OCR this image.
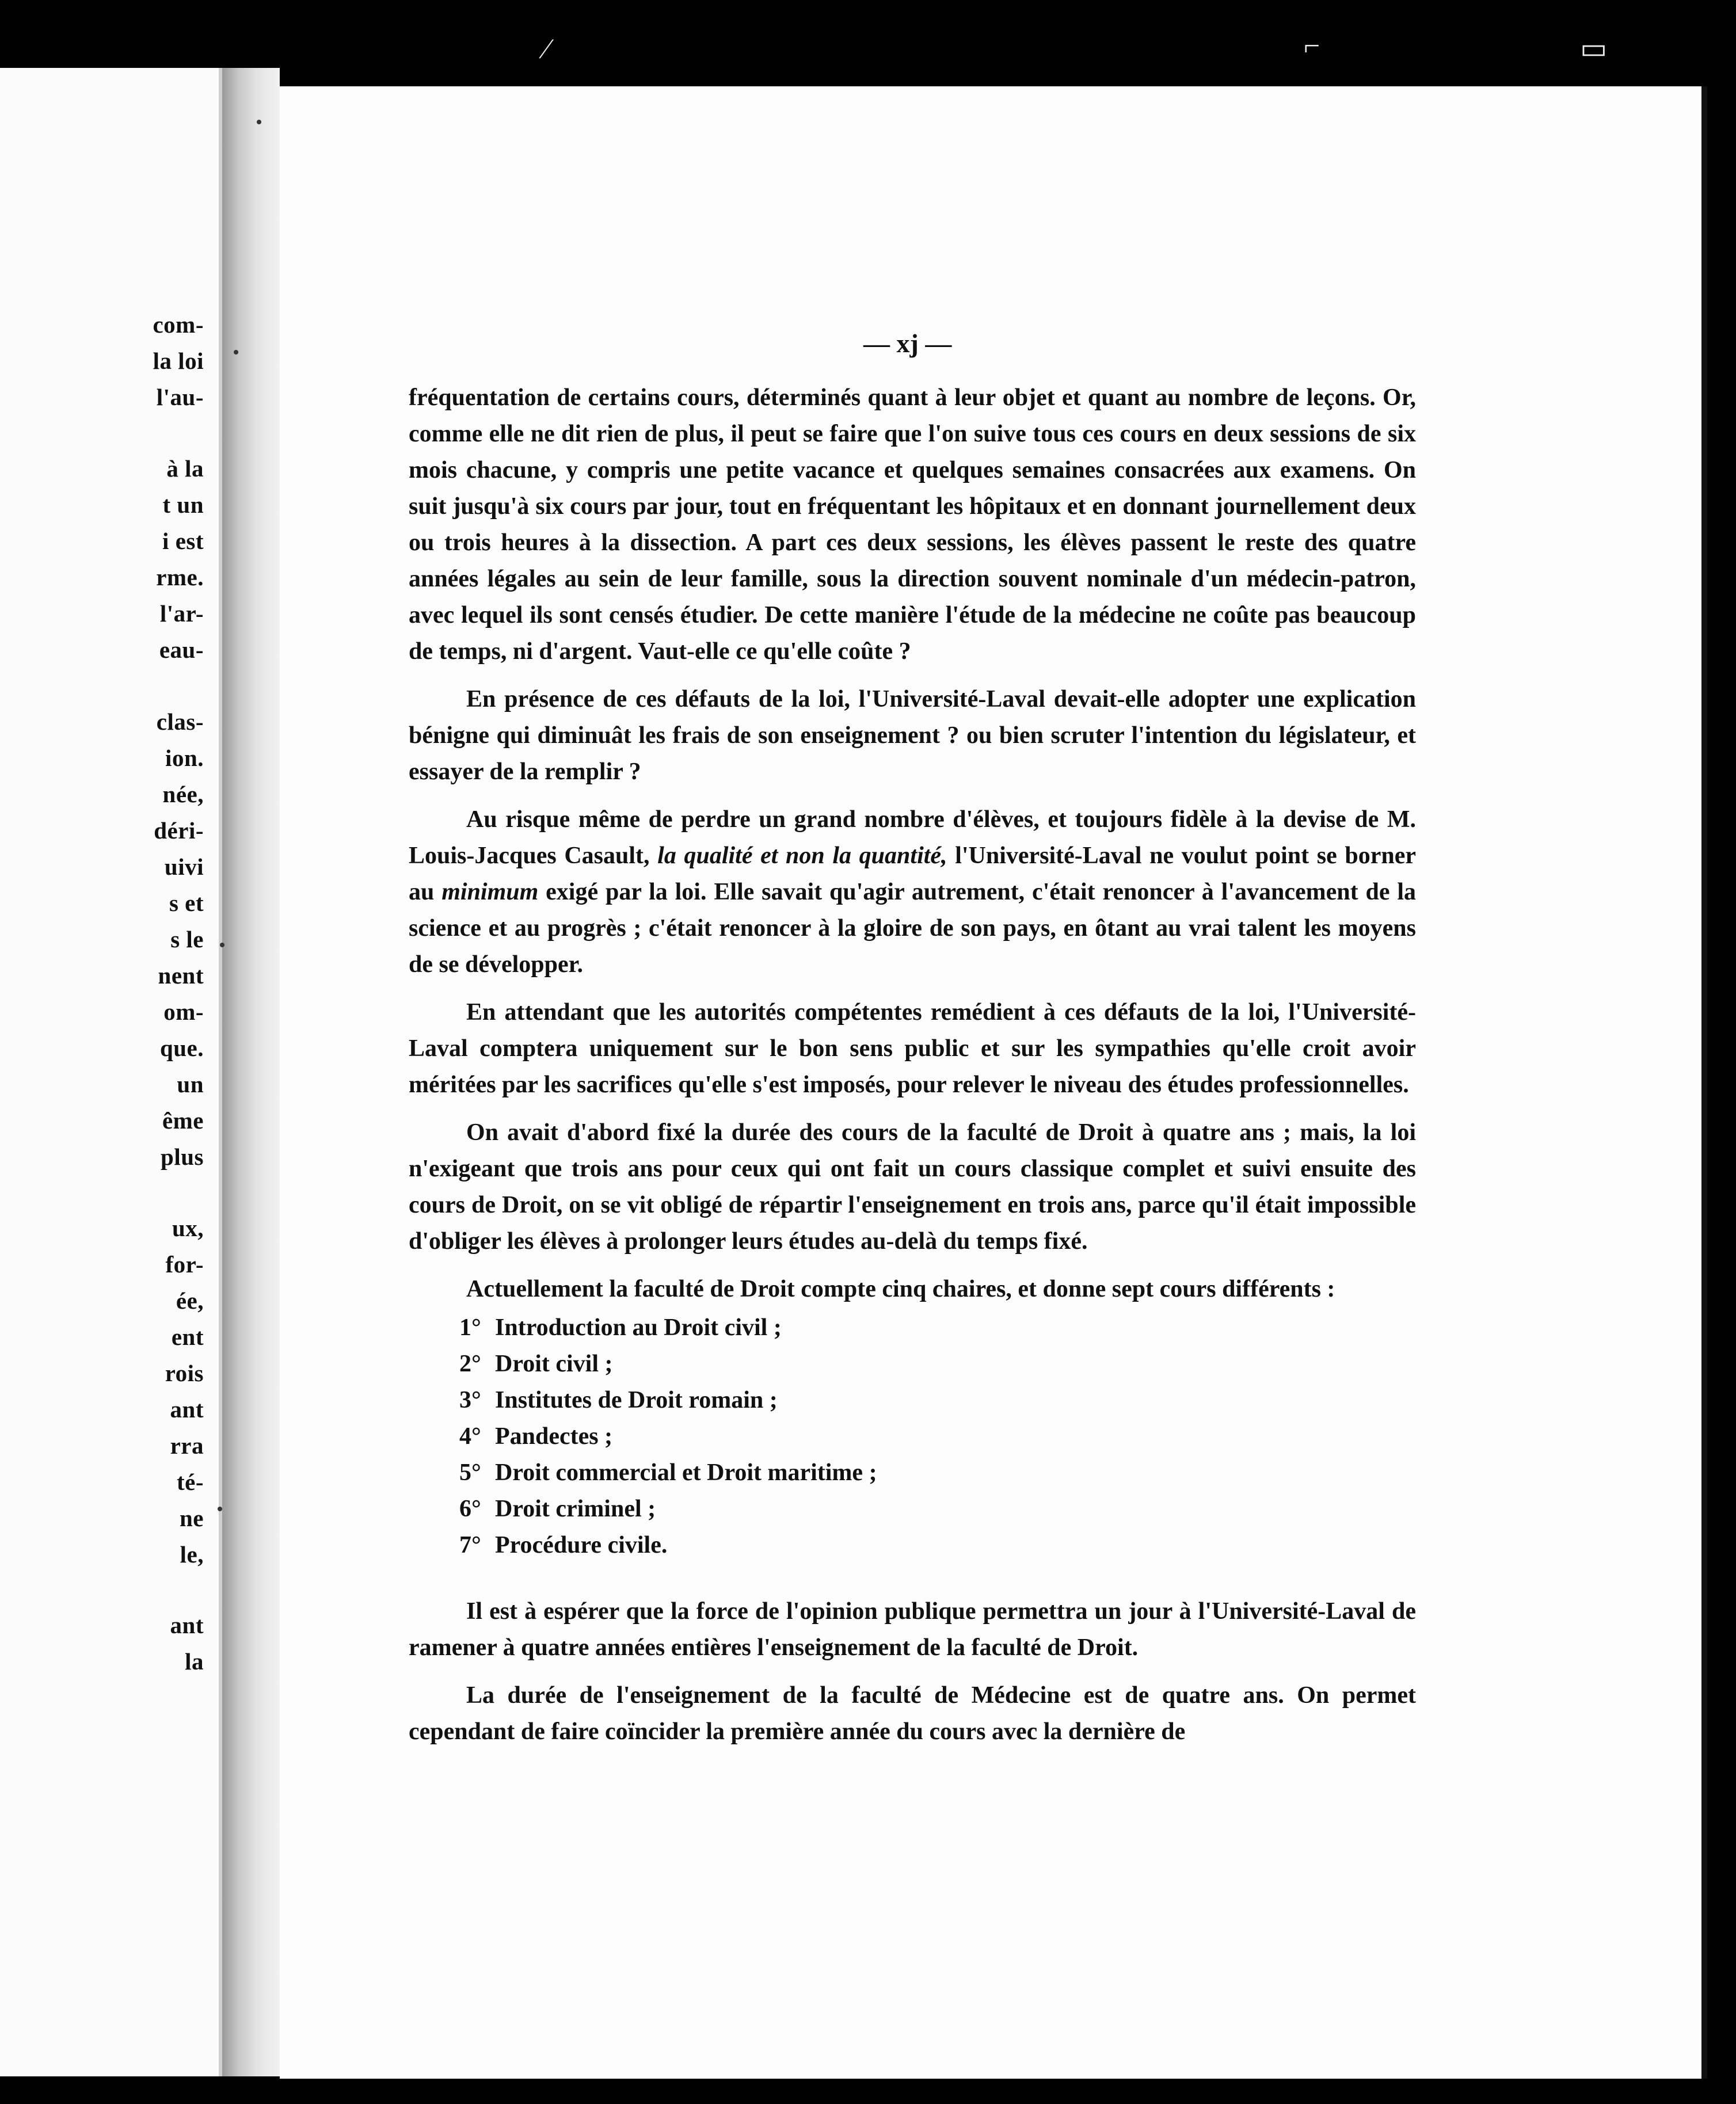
⁄	⌐	▭
com-
la loi
l'au-
à la
t un
i est
rme.
l'ar-
eau-
clas-
ion.
née,
déri-
uivi
s et
s le
nent
om-
que.
un
ême
plus
ux,
for-
ée,
ent
rois
ant
rra
té-
ne
le,
ant
la
— xj —

fréquentation de certains cours, déterminés quant à leur objet et quant au nombre de leçons. Or, comme elle ne dit rien de plus, il peut se faire que l'on suive tous ces cours en deux sessions de six mois chacune, y compris une petite vacance et quelques semaines consacrées aux examens. On suit jusqu'à six cours par jour, tout en fréquentant les hôpitaux et en donnant journellement deux ou trois heures à la dissection. A part ces deux sessions, les élèves passent le reste des quatre années légales au sein de leur famille, sous la direction souvent nominale d'un médecin-patron, avec lequel ils sont censés étudier. De cette manière l'étude de la médecine ne coûte pas beaucoup de temps, ni d'argent. Vaut-elle ce qu'elle coûte ?

En présence de ces défauts de la loi, l'Université-Laval devait-elle adopter une explication bénigne qui diminuât les frais de son enseignement ? ou bien scruter l'intention du législateur, et essayer de la remplir ?

Au risque même de perdre un grand nombre d'élèves, et toujours fidèle à la devise de M. Louis-Jacques Casault, la qualité et non la quantité, l'Université-Laval ne voulut point se borner au minimum exigé par la loi. Elle savait qu'agir autrement, c'était renoncer à l'avancement de la science et au progrès ; c'était renoncer à la gloire de son pays, en ôtant au vrai talent les moyens de se développer.

En attendant que les autorités compétentes remédient à ces défauts de la loi, l'Université-Laval comptera uniquement sur le bon sens public et sur les sympathies qu'elle croit avoir méritées par les sacrifices qu'elle s'est imposés, pour relever le niveau des études professionnelles.

On avait d'abord fixé la durée des cours de la faculté de Droit à quatre ans ; mais, la loi n'exigeant que trois ans pour ceux qui ont fait un cours classique complet et suivi ensuite des cours de Droit, on se vit obligé de répartir l'enseignement en trois ans, parce qu'il était impossible d'obliger les élèves à prolonger leurs études au-delà du temps fixé.

Actuellement la faculté de Droit compte cinq chaires, et donne sept cours différents :

1° Introduction au Droit civil ;
2° Droit civil ;
3° Institutes de Droit romain ;
4° Pandectes ;
5° Droit commercial et Droit maritime ;
6° Droit criminel ;
7° Procédure civile.

Il est à espérer que la force de l'opinion publique permettra un jour à l'Université-Laval de ramener à quatre années entières l'enseignement de la faculté de Droit.

La durée de l'enseignement de la faculté de Médecine est de quatre ans. On permet cependant de faire coïncider la première année du cours avec la dernière de
